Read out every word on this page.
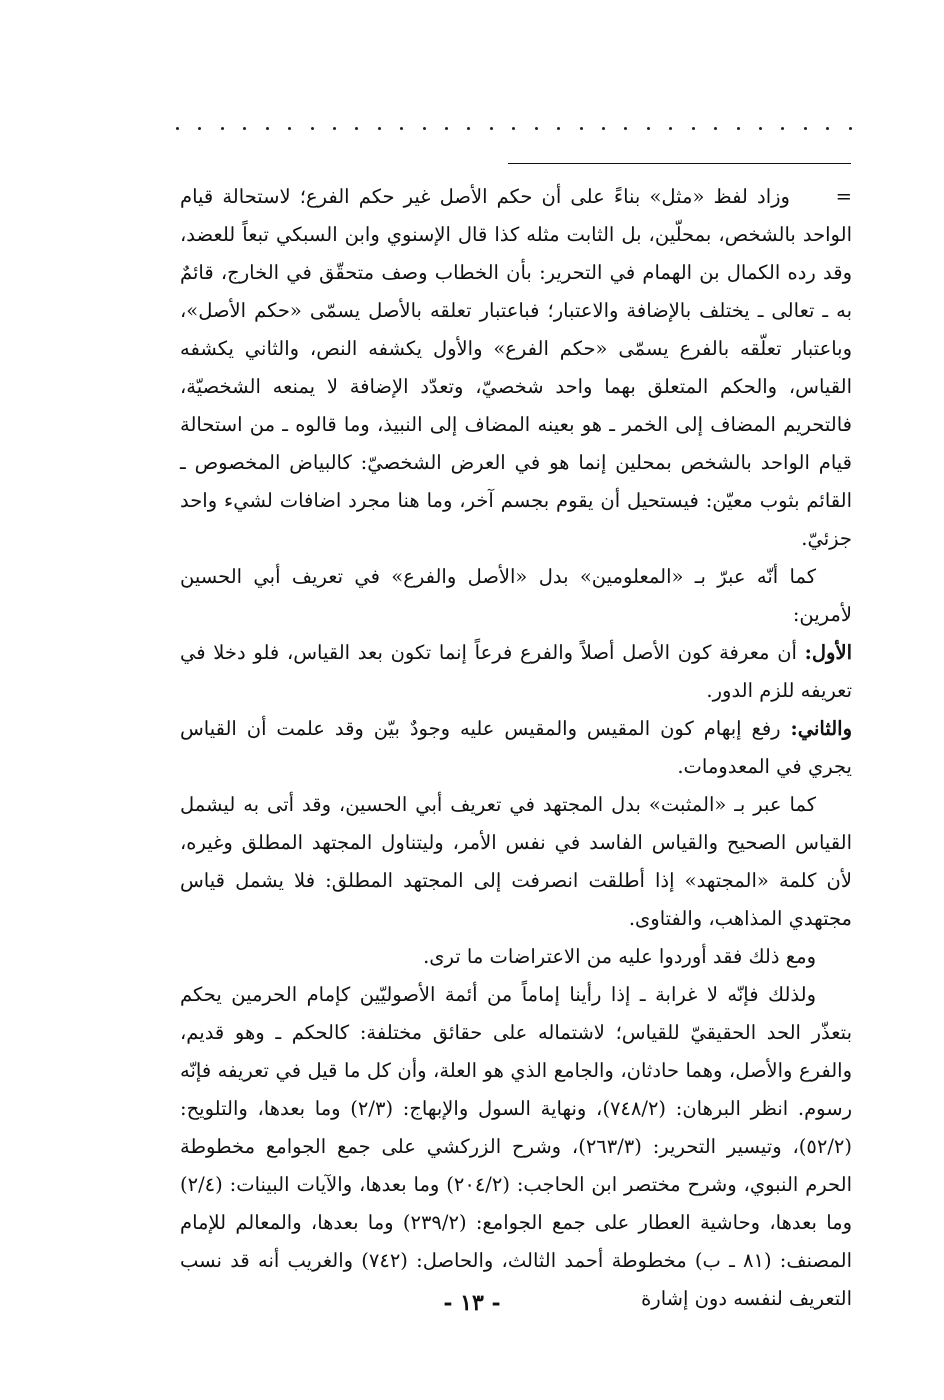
=     وزاد لفظ «مثل» بناءً على أن حكم الأصل غير حكم الفرع؛ لاستحالة قيام الواحد بالشخص، بمحلّين، بل الثابت مثله كذا قال الإسنوي وابن السبكي تبعاً للعضد، وقد رده الكمال بن الهمام في التحرير: بأن الخطاب وصف متحقّق في الخارج، قائمٌ به ـ تعالى ـ يختلف بالإضافة والاعتبار؛ فباعتبار تعلقه بالأصل يسمّى «حكم الأصل»، وباعتبار تعلّقه بالفرع يسمّى «حكم الفرع» والأول يكشفه النص، والثاني يكشفه القياس، والحكم المتعلق بهما واحد شخصيّ، وتعدّد الإضافة لا يمنعه الشخصيّة، فالتحريم المضاف إلى الخمر ـ هو بعينه المضاف إلى النبيذ، وما قالوه ـ من استحالة قيام الواحد بالشخص بمحلين إنما هو في العرض الشخصيّ: كالبياض المخصوص ـ القائم بثوب معيّن: فيستحيل أن يقوم بجسم آخر، وما هنا مجرد اضافات لشيء واحد جزئيّ.

كما أنّه عبرّ بـ «المعلومين» بدل «الأصل والفرع» في تعريف أبي الحسين لأمرين:

الأول: أن معرفة كون الأصل أصلاً والفرع فرعاً إنما تكون بعد القياس، فلو دخلا في تعريفه للزم الدور.

والثاني: رفع إبهام كون المقيس والمقيس عليه وجودٌ بيّن وقد علمت أن القياس يجري في المعدومات.

كما عبر بـ «المثبت» بدل المجتهد في تعريف أبي الحسين، وقد أتى به ليشمل القياس الصحيح والقياس الفاسد في نفس الأمر، وليتناول المجتهد المطلق وغيره، لأن كلمة «المجتهد» إذا أطلقت انصرفت إلى المجتهد المطلق: فلا يشمل قياس مجتهدي المذاهب، والفتاوى.

ومع ذلك فقد أوردوا عليه من الاعتراضات ما ترى.

ولذلك فإنّه لا غرابة ـ إذا رأينا إماماً من أئمة الأصوليّين كإمام الحرمين يحكم بتعذّر الحد الحقيقيّ للقياس؛ لاشتماله على حقائق مختلفة: كالحكم ـ وهو قديم، والفرع والأصل، وهما حادثان، والجامع الذي هو العلة، وأن كل ما قيل في تعريفه فإنّه رسوم. انظر البرهان: (٧٤٨/٢)، ونهاية السول والإبهاج: (٢/٣) وما بعدها، والتلويح: (٥٢/٢)، وتيسير التحرير: (٢٦٣/٣)، وشرح الزركشي على جمع الجوامع مخطوطة الحرم النبوي، وشرح مختصر ابن الحاجب: (٢٠٤/٢) وما بعدها، والآيات البينات: (٢/٤) وما بعدها، وحاشية العطار على جمع الجوامع: (٢٣٩/٢) وما بعدها، والمعالم للإمام المصنف: (٨١ ـ ب) مخطوطة أحمد الثالث، والحاصل: (٧٤٢) والغريب أنه قد نسب التعريف لنفسه دون إشارة

- ١٣ -
